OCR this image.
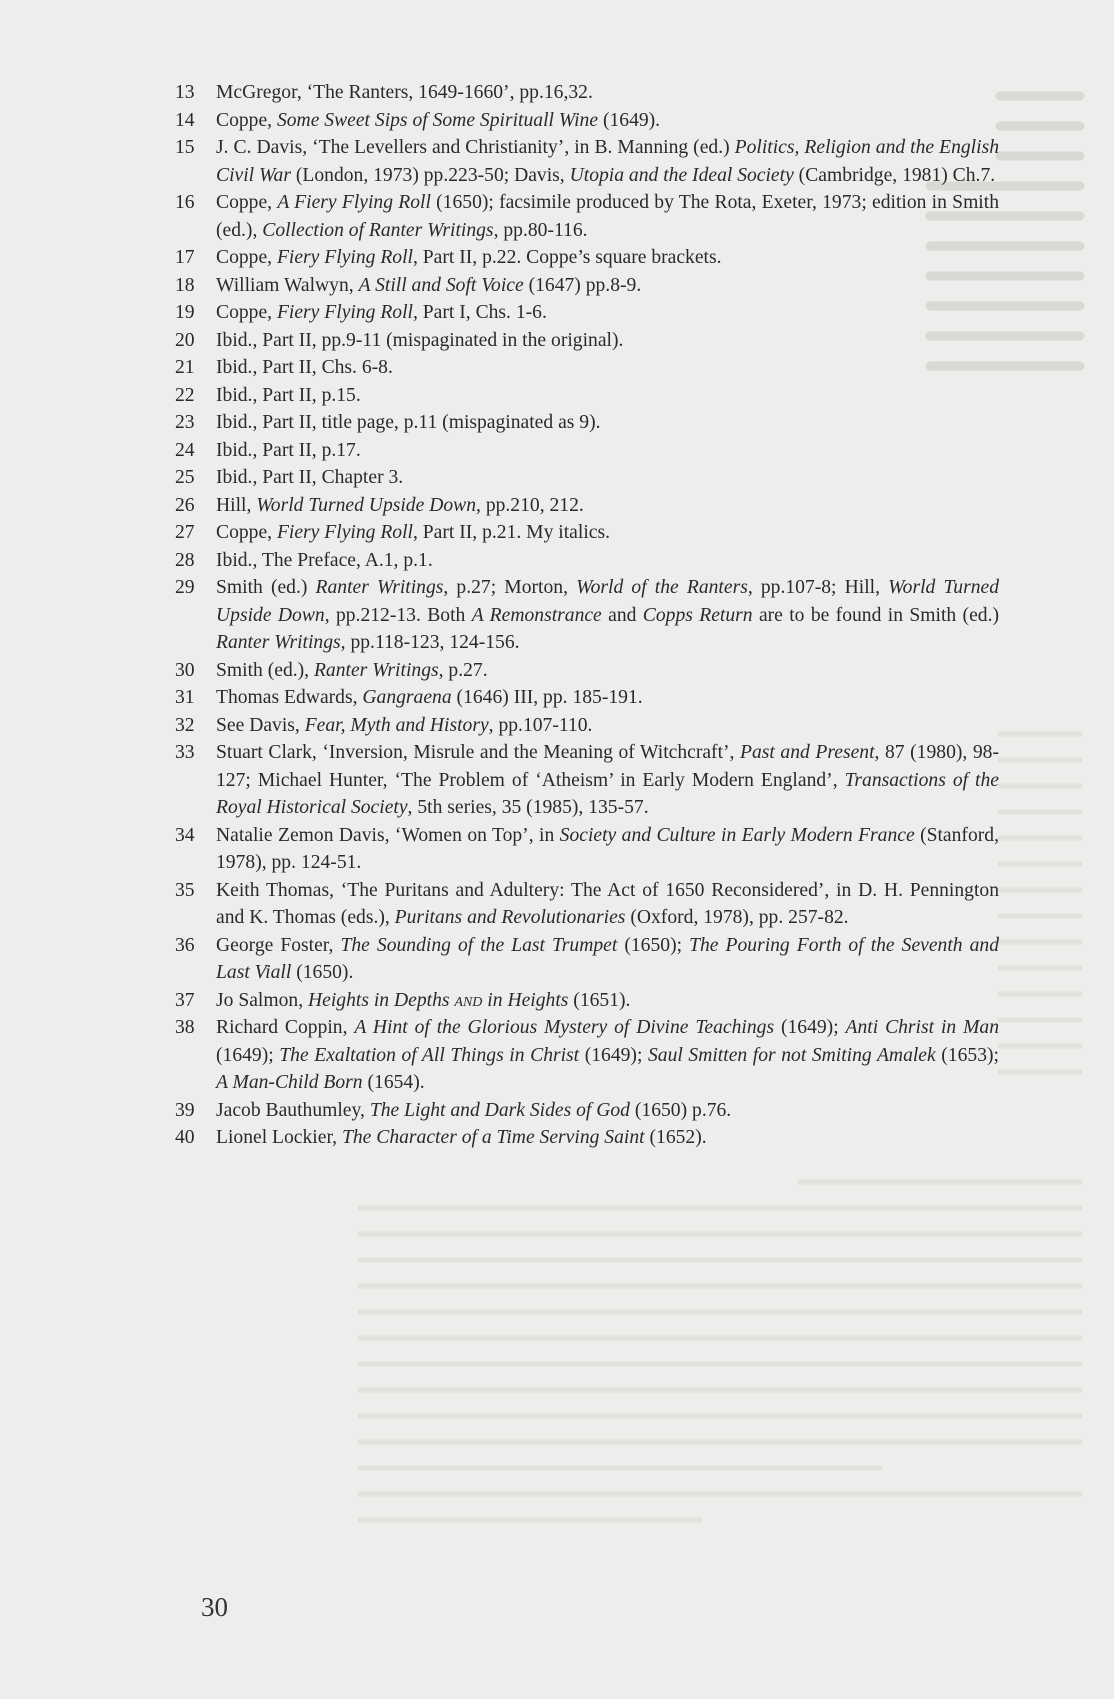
13	McGregor, ‘The Ranters, 1649-1660’, pp.16,32.
14	Coppe, Some Sweet Sips of Some Spirituall Wine (1649).
15	J. C. Davis, ‘The Levellers and Christianity’, in B. Manning (ed.) Politics, Religion and the English Civil War (London, 1973) pp.223-50; Davis, Utopia and the Ideal Society (Cambridge, 1981) Ch.7.
16	Coppe, A Fiery Flying Roll (1650); facsimile produced by The Rota, Exeter, 1973; edition in Smith (ed.), Collection of Ranter Writings, pp.80-116.
17	Coppe, Fiery Flying Roll, Part II, p.22. Coppe’s square brackets.
18	William Walwyn, A Still and Soft Voice (1647) pp.8-9.
19	Coppe, Fiery Flying Roll, Part I, Chs. 1-6.
20	Ibid., Part II, pp.9-11 (mispaginated in the original).
21	Ibid., Part II, Chs. 6-8.
22	Ibid., Part II, p.15.
23	Ibid., Part II, title page, p.11 (mispaginated as 9).
24	Ibid., Part II, p.17.
25	Ibid., Part II, Chapter 3.
26	Hill, World Turned Upside Down, pp.210, 212.
27	Coppe, Fiery Flying Roll, Part II, p.21. My italics.
28	Ibid., The Preface, A.1, p.1.
29	Smith (ed.) Ranter Writings, p.27; Morton, World of the Ranters, pp.107-8; Hill, World Turned Upside Down, pp.212-13. Both A Remonstrance and Copps Return are to be found in Smith (ed.) Ranter Writings, pp.118-123, 124-156.
30	Smith (ed.), Ranter Writings, p.27.
31	Thomas Edwards, Gangraena (1646) III, pp. 185-191.
32	See Davis, Fear, Myth and History, pp.107-110.
33	Stuart Clark, ‘Inversion, Misrule and the Meaning of Witchcraft’, Past and Present, 87 (1980), 98-127; Michael Hunter, ‘The Problem of ‘Atheism’ in Early Modern England’, Transactions of the Royal Historical Society, 5th series, 35 (1985), 135-57.
34	Natalie Zemon Davis, ‘Women on Top’, in Society and Culture in Early Modern France (Stanford, 1978), pp. 124-51.
35	Keith Thomas, ‘The Puritans and Adultery: The Act of 1650 Reconsidered’, in D. H. Pennington and K. Thomas (eds.), Puritans and Revolutionaries (Oxford, 1978), pp. 257-82.
36	George Foster, The Sounding of the Last Trumpet (1650); The Pouring Forth of the Seventh and Last Viall (1650).
37	Jo Salmon, Heights in Depths and in Heights (1651).
38	Richard Coppin, A Hint of the Glorious Mystery of Divine Teachings (1649); Anti Christ in Man (1649); The Exaltation of All Things in Christ (1649); Saul Smitten for not Smiting Amalek (1653); A Man-Child Born (1654).
39	Jacob Bauthumley, The Light and Dark Sides of God (1650) p.76.
40	Lionel Lockier, The Character of a Time Serving Saint (1652).
30
